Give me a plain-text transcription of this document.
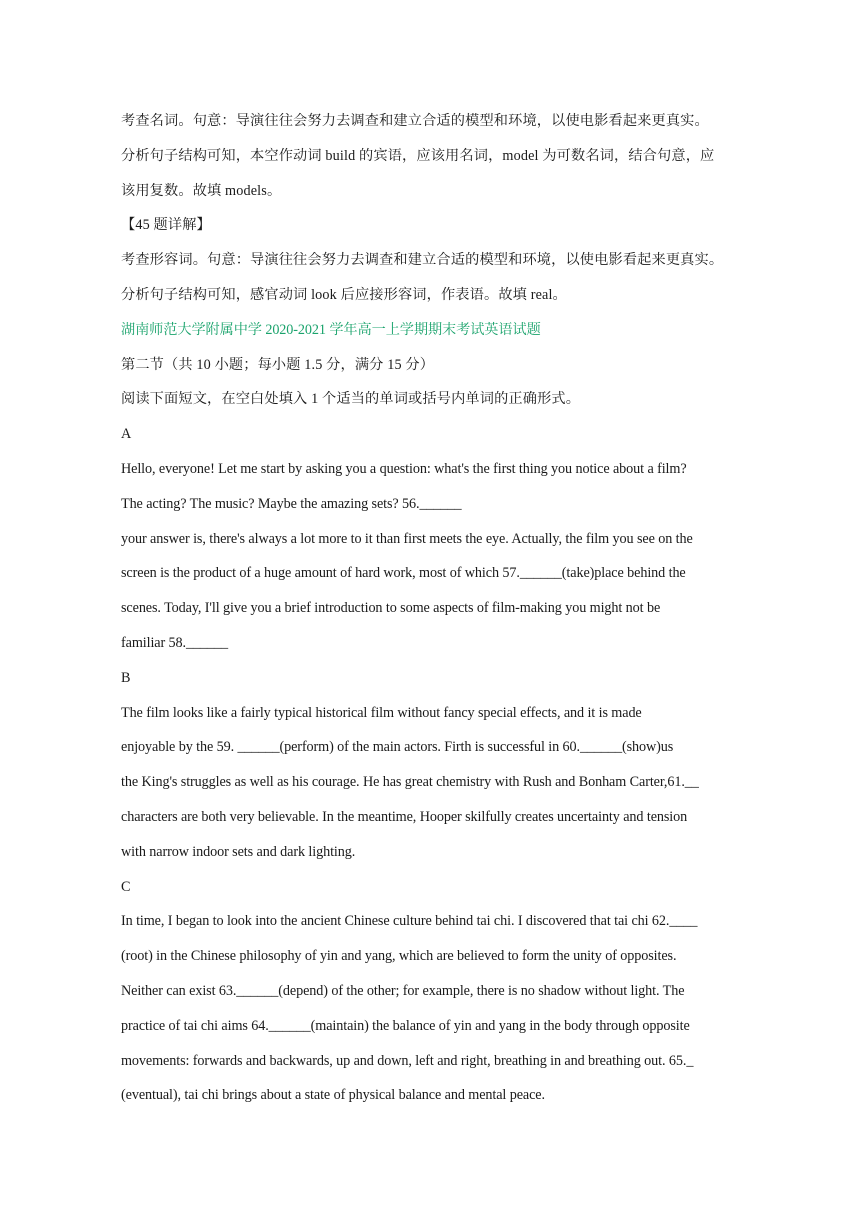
考查名词。句意：导演往往会努力去调查和建立合适的模型和环境，以使电影看起来更真实。
分析句子结构可知，本空作动词 build 的宾语，应该用名词，model 为可数名词，结合句意，应
该用复数。故填 models。
【45 题详解】
考查形容词。句意：导演往往会努力去调查和建立合适的模型和环境，以使电影看起来更真实。
分析句子结构可知，感官动词 look 后应接形容词，作表语。故填 real。
湖南师范大学附属中学 2020-2021 学年高一上学期期末考试英语试题
第二节（共 10 小题；每小题 1.5 分，满分 15 分）
阅读下面短文，在空白处填入 1 个适当的单词或括号内单词的正确形式。
A
Hello, everyone! Let me start by asking you a question: what's the first thing you notice about a film?
The acting? The music? Maybe the amazing sets? 56.______
your answer is, there's always a lot more to it than first meets the eye. Actually, the film you see on the
screen is the product of a huge amount of hard work, most of which 57.______(take)place behind the
scenes. Today, I'll give you a brief introduction to some aspects of film-making you might not be
familiar 58.______
B
The film looks like a fairly typical historical film without fancy special effects, and it is made
enjoyable by the 59. ______(perform) of the main actors. Firth is successful in 60.______(show)us
the King's struggles as well as his courage. He has great chemistry with Rush and Bonham Carter,61.__
characters are both very believable. In the meantime, Hooper skilfully creates uncertainty and tension
with narrow indoor sets and dark lighting.
C
In time, I began to look into the ancient Chinese culture behind tai chi. I discovered that tai chi 62.____
(root) in the Chinese philosophy of yin and yang, which are believed to form the unity of opposites.
Neither can exist 63.______(depend) of the other; for example, there is no shadow without light. The
practice of tai chi aims 64.______(maintain) the balance of yin and yang in the body through opposite
movements: forwards and backwards, up and down, left and right, breathing in and breathing out. 65._
(eventual), tai chi brings about a state of physical balance and mental peace.
